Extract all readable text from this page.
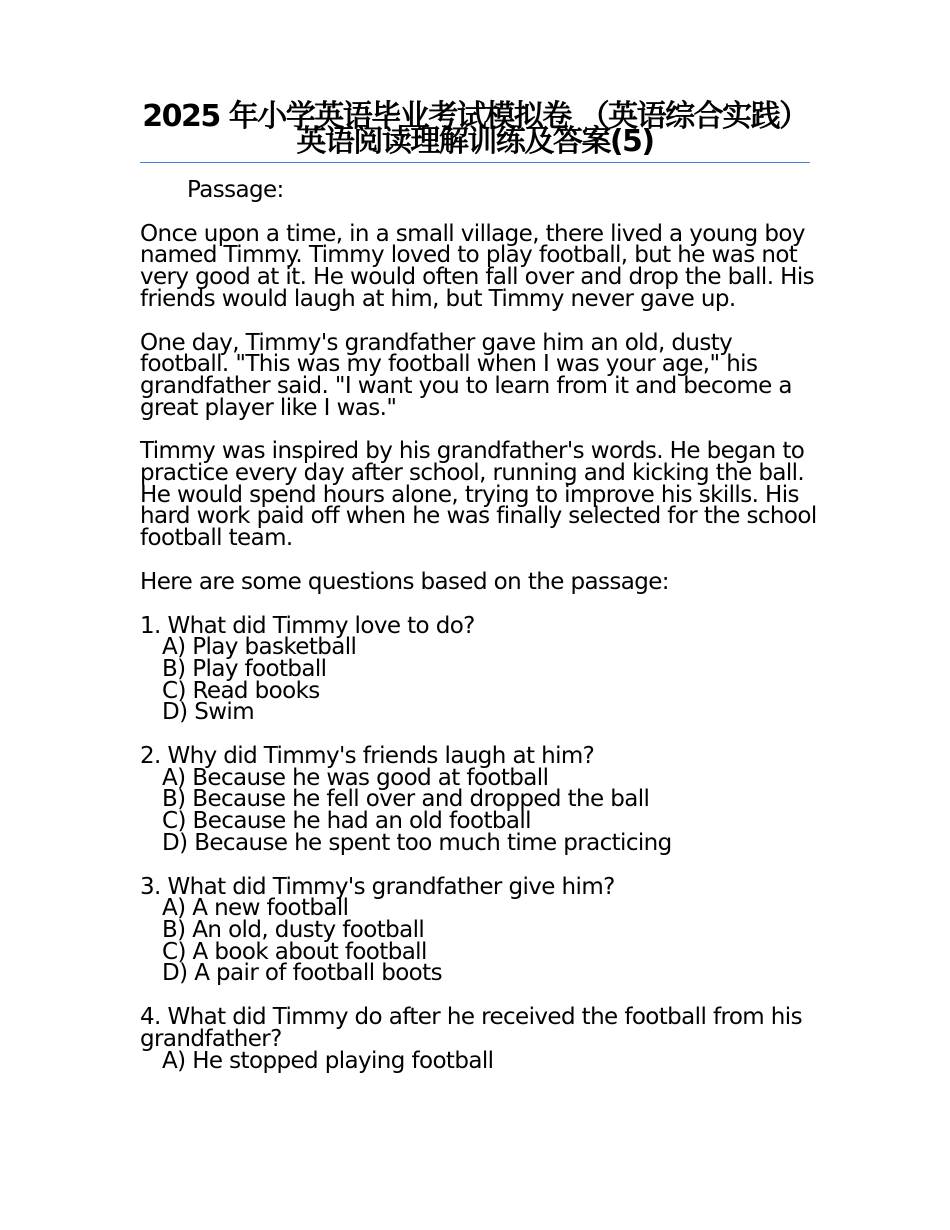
2025 年小学英语毕业考试模拟卷 （英语综合实践）英语阅读理解训练及答案(5)
Passage:
Once upon a time, in a small village, there lived a young boy named Timmy. Timmy loved to play football, but he was not very good at it. He would often fall over and drop the ball. His friends would laugh at him, but Timmy never gave up.
One day, Timmy's grandfather gave him an old, dusty football. "This was my football when I was your age," his grandfather said. "I want you to learn from it and become a great player like I was."
Timmy was inspired by his grandfather's words. He began to practice every day after school, running and kicking the ball. He would spend hours alone, trying to improve his skills. His hard work paid off when he was finally selected for the school football team.
Here are some questions based on the passage:
1. What did Timmy love to do?
A) Play basketball
B) Play football
C) Read books
D) Swim
2. Why did Timmy's friends laugh at him?
A) Because he was good at football
B) Because he fell over and dropped the ball
C) Because he had an old football
D) Because he spent too much time practicing
3. What did Timmy's grandfather give him?
A) A new football
B) An old, dusty football
C) A book about football
D) A pair of football boots
4. What did Timmy do after he received the football from his grandfather?
A) He stopped playing football
